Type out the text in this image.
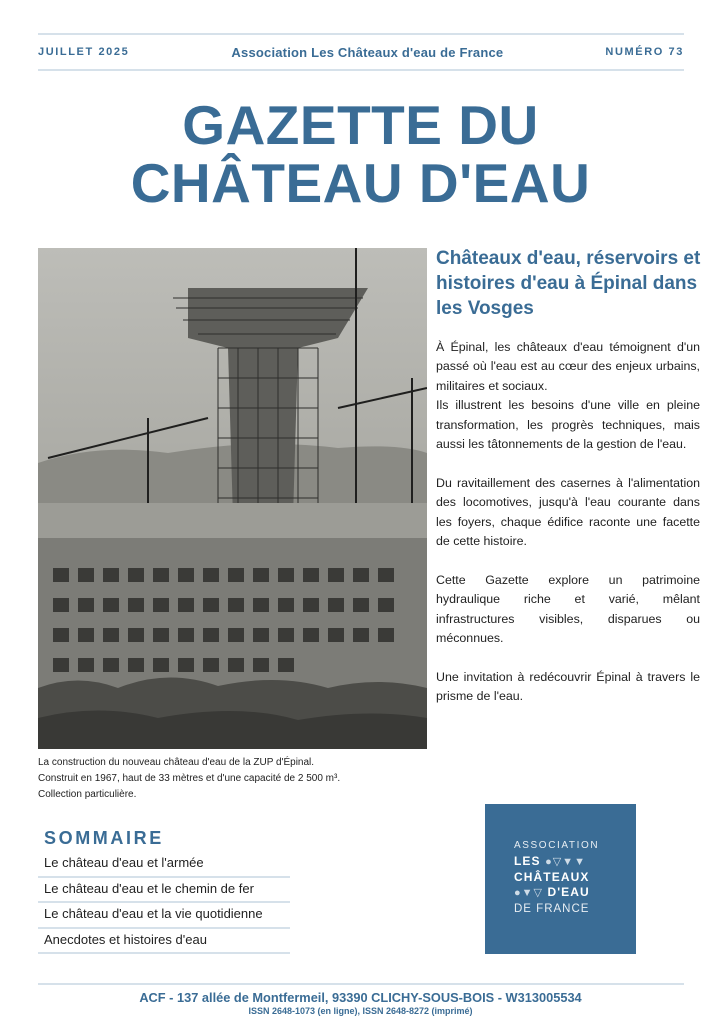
JUILLET 2025	Association Les Châteaux d'eau de France	NUMÉRO 73
GAZETTE DU
CHÂTEAU D'EAU
La construction du nouveau château d'eau de la ZUP d'Épinal.
Construit en 1967, haut de 33 mètres et d'une capacité de 2 500 m³.
Collection particulière.
Châteaux d'eau, réservoirs et histoires d'eau à Épinal dans les Vosges

À Épinal, les châteaux d'eau témoignent d'un passé où l'eau est au cœur des enjeux urbains, militaires et sociaux.

Ils illustrent les besoins d'une ville en pleine transformation, les progrès techniques, mais aussi les tâtonnements de la gestion de l'eau.

Du ravitaillement des casernes à l'alimentation des locomotives, jusqu'à l'eau courante dans les foyers, chaque édifice raconte une facette de cette histoire.

Cette Gazette explore un patrimoine hydraulique riche et varié, mêlant infrastructures visibles, disparues ou méconnues.

Une invitation à redécouvrir Épinal à travers le prisme de l'eau.

SOMMAIRE
Le château d'eau et l'armée
Le château d'eau et le chemin de fer
Le château d'eau et la vie quotidienne
Anecdotes et histoires d'eau
ASSOCIATION
LES ●▽▼▼
CHÂTEAUX
●▼▽ D'EAU
DE FRANCE
ACF - 137 allée de Montfermeil, 93390 CLICHY-SOUS-BOIS - W313005534
ISSN 2648-1073 (en ligne), ISSN 2648-8272 (imprimé)
